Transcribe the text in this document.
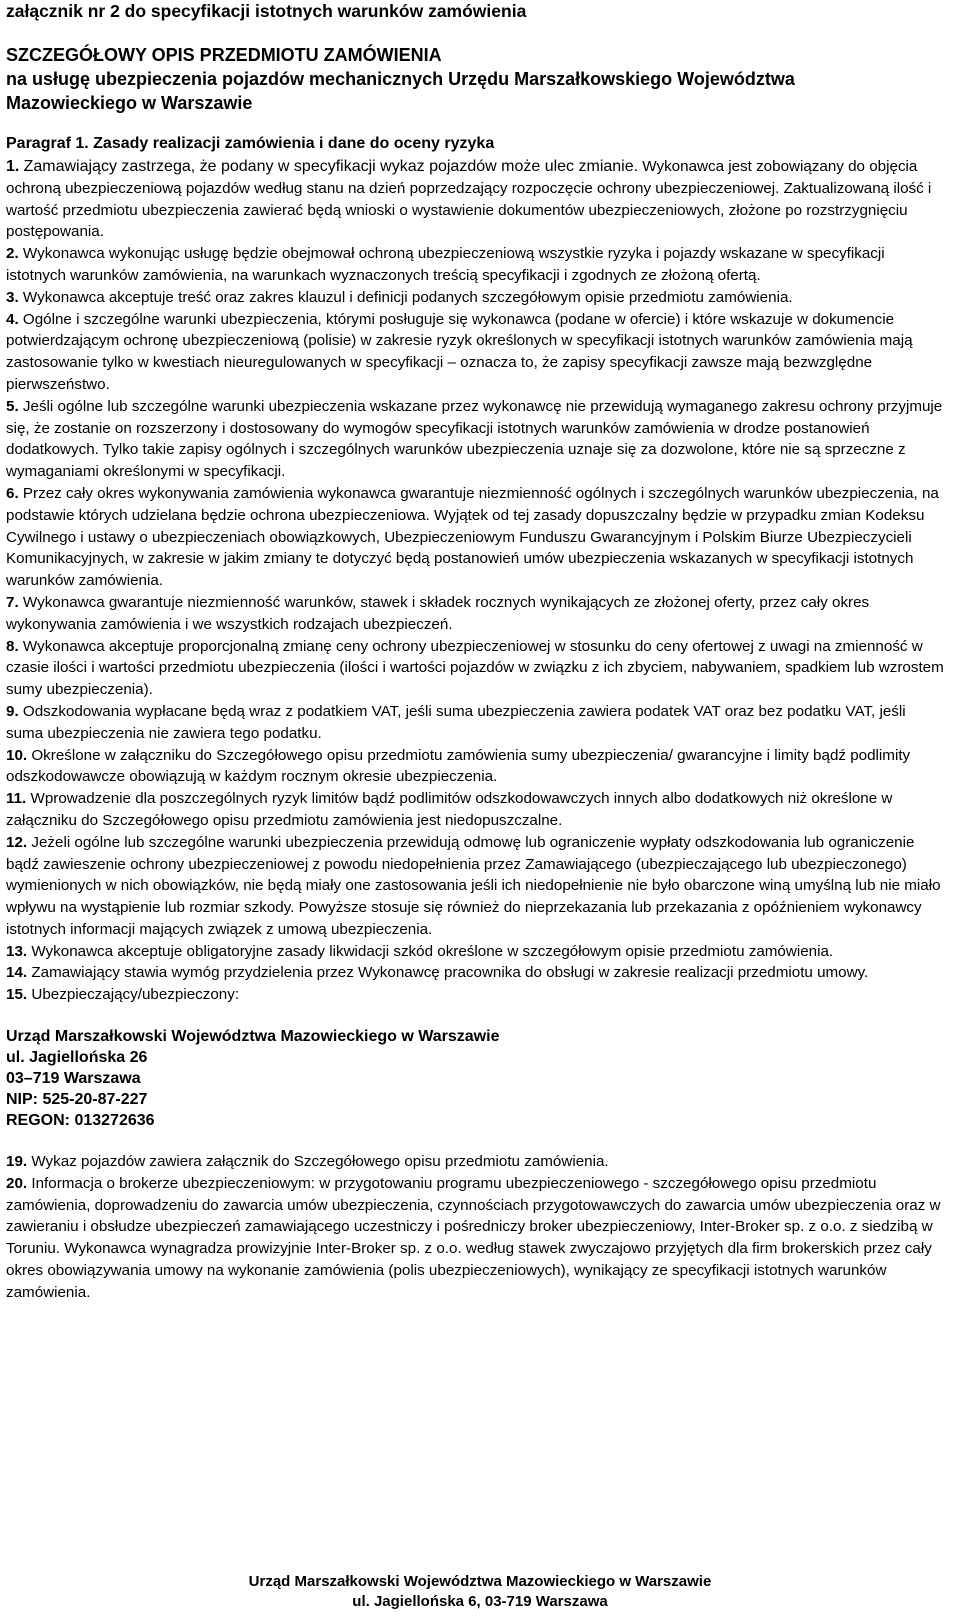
załącznik nr 2 do specyfikacji istotnych warunków zamówienia
SZCZEGÓŁOWY OPIS PRZEDMIOTU ZAMÓWIENIA
na usługę ubezpieczenia pojazdów mechanicznych Urzędu Marszałkowskiego Województwa
Mazowieckiego w Warszawie
Paragraf 1. Zasady realizacji zamówienia i dane do oceny ryzyka

1. Zamawiający zastrzega, że podany w specyfikacji wykaz pojazdów może ulec zmianie. Wykonawca jest zobowiązany do objęcia ochroną ubezpieczeniową pojazdów według stanu na dzień poprzedzający rozpoczęcie ochrony ubezpieczeniowej. Zaktualizowaną ilość i wartość przedmiotu ubezpieczenia zawierać będą wnioski o wystawienie dokumentów ubezpieczeniowych, złożone po rozstrzygnięciu postępowania.

2. Wykonawca wykonując usługę będzie obejmował ochroną ubezpieczeniową wszystkie ryzyka i pojazdy wskazane w specyfikacji istotnych warunków zamówienia, na warunkach wyznaczonych treścią specyfikacji i zgodnych ze złożoną ofertą.

3. Wykonawca akceptuje treść oraz zakres klauzul i definicji podanych szczegółowym opisie przedmiotu zamówienia.

4. Ogólne i szczególne warunki ubezpieczenia, którymi posługuje się wykonawca (podane w ofercie) i które wskazuje w dokumencie potwierdzającym ochronę ubezpieczeniową (polisie) w zakresie ryzyk określonych w specyfikacji istotnych warunków zamówienia mają zastosowanie tylko w kwestiach nieuregulowanych w specyfikacji – oznacza to, że zapisy specyfikacji zawsze mają bezwzględne pierwszeństwo.

5. Jeśli ogólne lub szczególne warunki ubezpieczenia wskazane przez wykonawcę nie przewidują wymaganego zakresu ochrony przyjmuje się, że zostanie on rozszerzony i dostosowany do wymogów specyfikacji istotnych warunków zamówienia w drodze postanowień dodatkowych. Tylko takie zapisy ogólnych i szczególnych warunków ubezpieczenia uznaje się za dozwolone, które nie są sprzeczne z wymaganiami określonymi w specyfikacji.

6. Przez cały okres wykonywania zamówienia wykonawca gwarantuje niezmienność ogólnych i szczególnych warunków ubezpieczenia, na podstawie których udzielana będzie ochrona ubezpieczeniowa. Wyjątek od tej zasady dopuszczalny będzie w przypadku zmian Kodeksu Cywilnego i ustawy o ubezpieczeniach obowiązkowych, Ubezpieczeniowym Funduszu Gwarancyjnym i Polskim Biurze Ubezpieczycieli Komunikacyjnych, w zakresie w jakim zmiany te dotyczyć będą postanowień umów ubezpieczenia wskazanych w specyfikacji istotnych warunków zamówienia.

7. Wykonawca gwarantuje niezmienność warunków, stawek i składek rocznych wynikających ze złożonej oferty, przez cały okres wykonywania zamówienia i we wszystkich rodzajach ubezpieczeń.

8. Wykonawca akceptuje proporcjonalną zmianę ceny ochrony ubezpieczeniowej w stosunku do ceny ofertowej z uwagi na zmienność w czasie ilości i wartości przedmiotu ubezpieczenia (ilości i wartości pojazdów w związku z ich zbyciem, nabywaniem, spadkiem lub wzrostem sumy ubezpieczenia).

9. Odszkodowania wypłacane będą wraz z podatkiem VAT, jeśli suma ubezpieczenia zawiera podatek VAT oraz bez podatku VAT, jeśli suma ubezpieczenia nie zawiera tego podatku.

10. Określone w załączniku do Szczegółowego opisu przedmiotu zamówienia sumy ubezpieczenia/ gwarancyjne i limity bądź podlimity odszkodowawcze obowiązują w każdym rocznym okresie ubezpieczenia.

11. Wprowadzenie dla poszczególnych ryzyk limitów bądź podlimitów odszkodowawczych innych albo dodatkowych niż określone w załączniku do Szczegółowego opisu przedmiotu zamówienia jest niedopuszczalne.

12. Jeżeli ogólne lub szczególne warunki ubezpieczenia przewidują odmowę lub ograniczenie wypłaty odszkodowania lub ograniczenie bądź zawieszenie ochrony ubezpieczeniowej z powodu niedopełnienia przez Zamawiającego (ubezpieczającego lub ubezpieczonego) wymienionych w nich obowiązków, nie będą miały one zastosowania jeśli ich niedopełnienie nie było obarczone winą umyślną lub nie miało wpływu na wystąpienie lub rozmiar szkody. Powyższe stosuje się również do nieprzekazania lub przekazania z opóźnieniem wykonawcy istotnych informacji mających związek z umową ubezpieczenia.

13. Wykonawca akceptuje obligatoryjne zasady likwidacji szkód określone w szczegółowym opisie przedmiotu zamówienia.

14. Zamawiający stawia wymóg przydzielenia przez Wykonawcę pracownika do obsługi w zakresie realizacji przedmiotu umowy.

15. Ubezpieczający/ubezpieczony:

Urząd Marszałkowski Województwa Mazowieckiego w Warszawie
ul. Jagiellońska 26
03–719 Warszawa
NIP: 525-20-87-227
REGON: 013272636

19. Wykaz pojazdów zawiera załącznik do Szczegółowego opisu przedmiotu zamówienia.

20. Informacja o brokerze ubezpieczeniowym: w przygotowaniu programu ubezpieczeniowego - szczegółowego opisu przedmiotu zamówienia, doprowadzeniu do zawarcia umów ubezpieczenia, czynnościach przygotowawczych do zawarcia umów ubezpieczenia oraz w zawieraniu i obsłudze ubezpieczeń zamawiającego uczestniczy i pośredniczy broker ubezpieczeniowy, Inter-Broker sp. z o.o. z siedzibą w Toruniu. Wykonawca wynagradza prowizyjnie Inter-Broker sp. z o.o. według stawek zwyczajowo przyjętych dla firm brokerskich przez cały okres obowiązywania umowy na wykonanie zamówienia (polis ubezpieczeniowych), wynikający ze specyfikacji istotnych warunków zamówienia.

Urząd Marszałkowski Województwa Mazowieckiego w Warszawie
ul. Jagiellońska 6, 03-719 Warszawa
